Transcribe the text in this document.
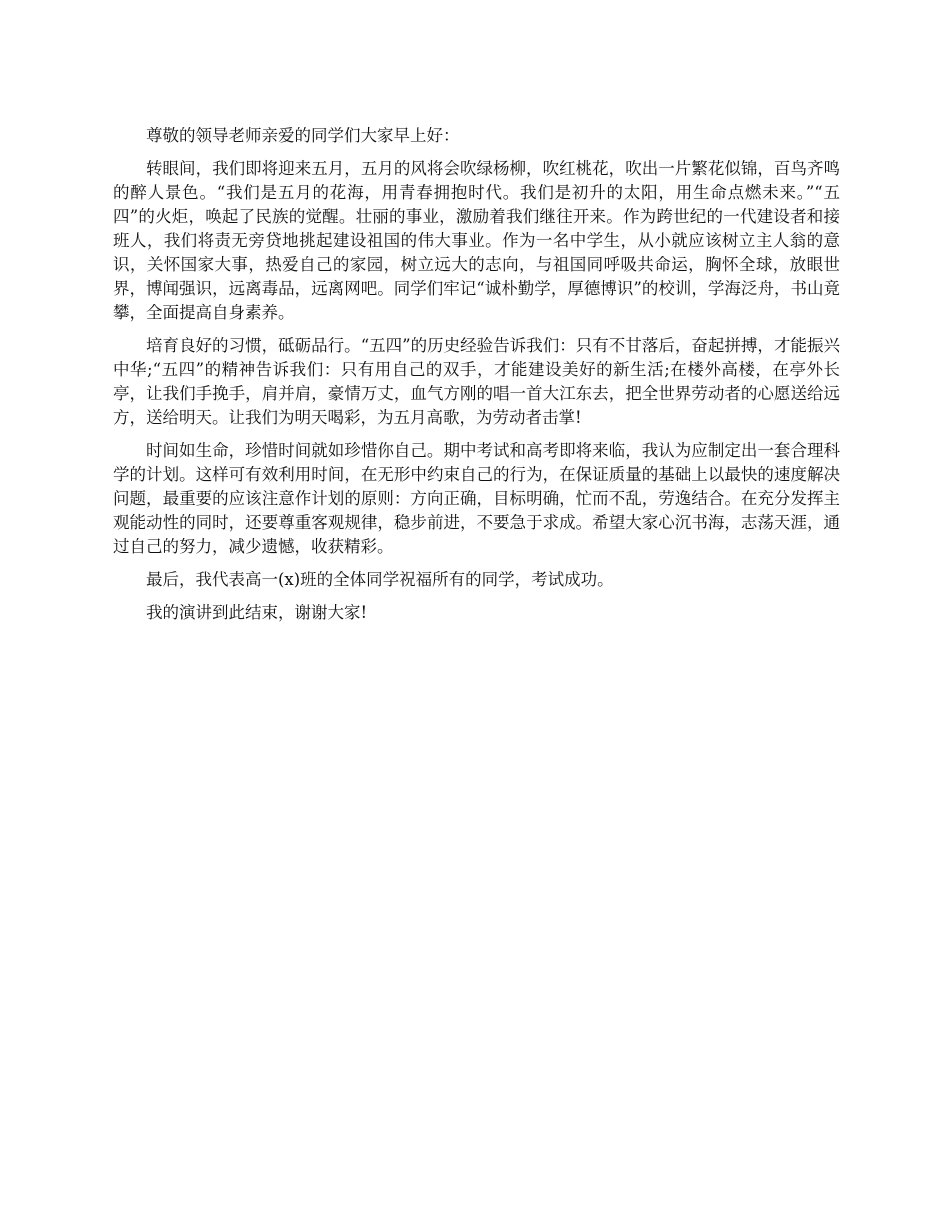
尊敬的领导老师亲爱的同学们大家早上好：

转眼间，我们即将迎来五月，五月的风将会吹绿杨柳，吹红桃花，吹出一片繁花似锦，百鸟齐鸣的醉人景色。“我们是五月的花海，用青春拥抱时代。我们是初升的太阳，用生命点燃未来。”“五四”的火炬，唤起了民族的觉醒。壮丽的事业，激励着我们继往开来。作为跨世纪的一代建设者和接班人，我们将责无旁贷地挑起建设祖国的伟大事业。作为一名中学生，从小就应该树立主人翁的意识，关怀国家大事，热爱自己的家园，树立远大的志向，与祖国同呼吸共命运，胸怀全球，放眼世界，博闻强识，远离毒品，远离网吧。同学们牢记“诚朴勤学，厚德博识”的校训，学海泛舟，书山竟攀，全面提高自身素养。

培育良好的习惯，砥砺品行。“五四”的历史经验告诉我们：只有不甘落后，奋起拼搏，才能振兴中华;“五四”的精神告诉我们：只有用自己的双手，才能建设美好的新生活;在楼外高楼，在亭外长亭，让我们手挽手，肩并肩，豪情万丈，血气方刚的唱一首大江东去，把全世界劳动者的心愿送给远方，送给明天。让我们为明天喝彩，为五月高歌，为劳动者击掌!

时间如生命，珍惜时间就如珍惜你自己。期中考试和高考即将来临，我认为应制定出一套合理科学的计划。这样可有效利用时间，在无形中约束自己的行为，在保证质量的基础上以最快的速度解决问题，最重要的应该注意作计划的原则：方向正确，目标明确，忙而不乱，劳逸结合。在充分发挥主观能动性的同时，还要尊重客观规律，稳步前进，不要急于求成。希望大家心沉书海，志荡天涯，通过自己的努力，减少遗憾，收获精彩。

最后，我代表高一(x)班的全体同学祝福所有的同学，考试成功。

我的演讲到此结束，谢谢大家!
